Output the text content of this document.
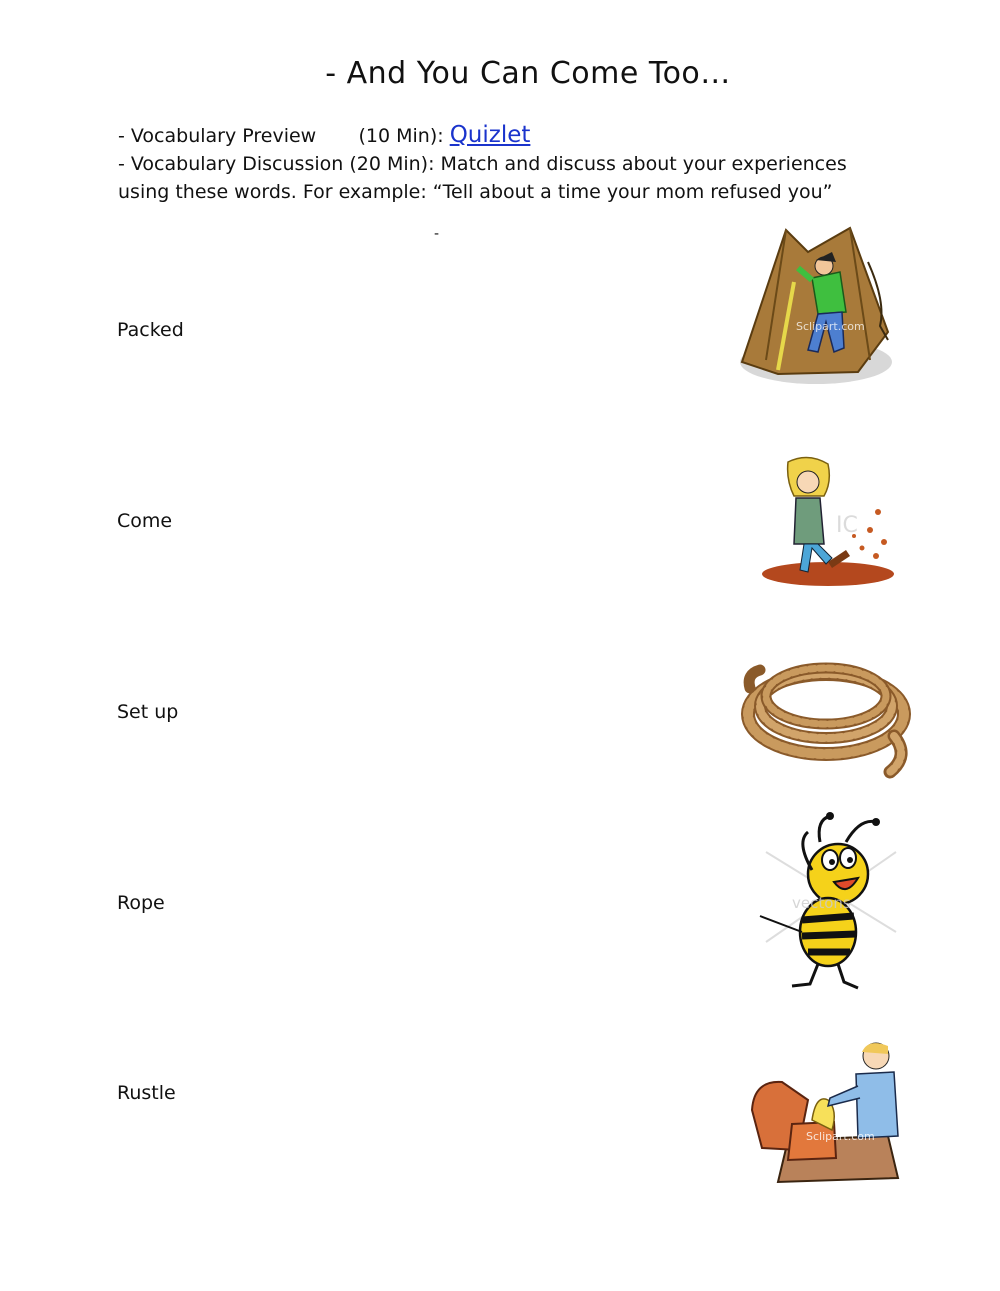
- And You Can Come Too…
- Vocabulary Preview       (10 Min): Quizlet
- Vocabulary Discussion (20 Min): Match and discuss about your experiences using these words. For example: “Tell about a time your mom refused you”
-
Packed
Come
Set up
Rope
Rustle
Sclipart.com
IC
vectons
Sclipart.com
